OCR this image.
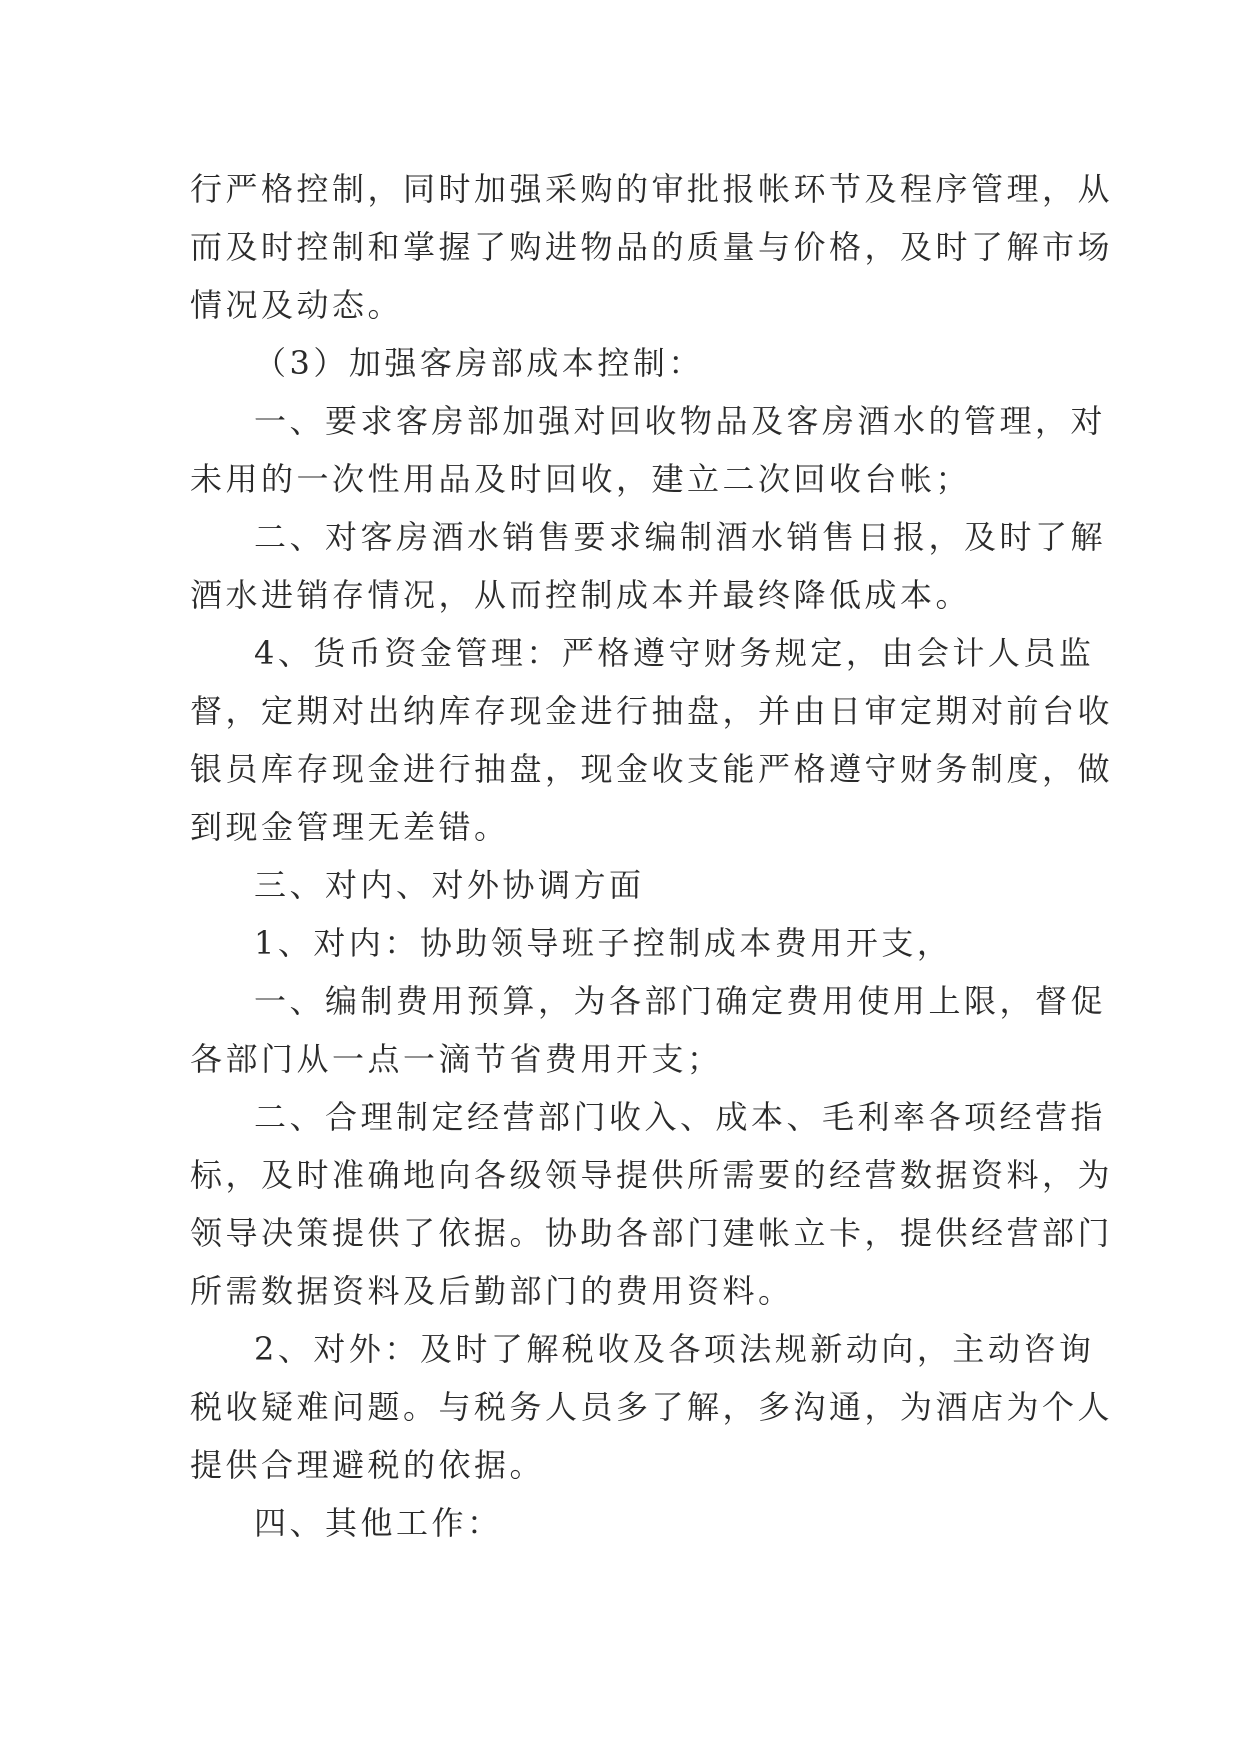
行严格控制，同时加强采购的审批报帐环节及程序管理，从
而及时控制和掌握了购进物品的质量与价格，及时了解市场
情况及动态。
（3）加强客房部成本控制：
一、要求客房部加强对回收物品及客房酒水的管理，对
未用的一次性用品及时回收，建立二次回收台帐；
二、对客房酒水销售要求编制酒水销售日报，及时了解
酒水进销存情况，从而控制成本并最终降低成本。
4、货币资金管理：严格遵守财务规定，由会计人员监
督，定期对出纳库存现金进行抽盘，并由日审定期对前台收
银员库存现金进行抽盘，现金收支能严格遵守财务制度，做
到现金管理无差错。
三、对内、对外协调方面
1、对内：协助领导班子控制成本费用开支，
一、编制费用预算，为各部门确定费用使用上限，督促
各部门从一点一滴节省费用开支；
二、合理制定经营部门收入、成本、毛利率各项经营指
标，及时准确地向各级领导提供所需要的经营数据资料，为
领导决策提供了依据。协助各部门建帐立卡，提供经营部门
所需数据资料及后勤部门的费用资料。
2、对外：及时了解税收及各项法规新动向，主动咨询
税收疑难问题。与税务人员多了解，多沟通，为酒店为个人
提供合理避税的依据。
四、其他工作：
